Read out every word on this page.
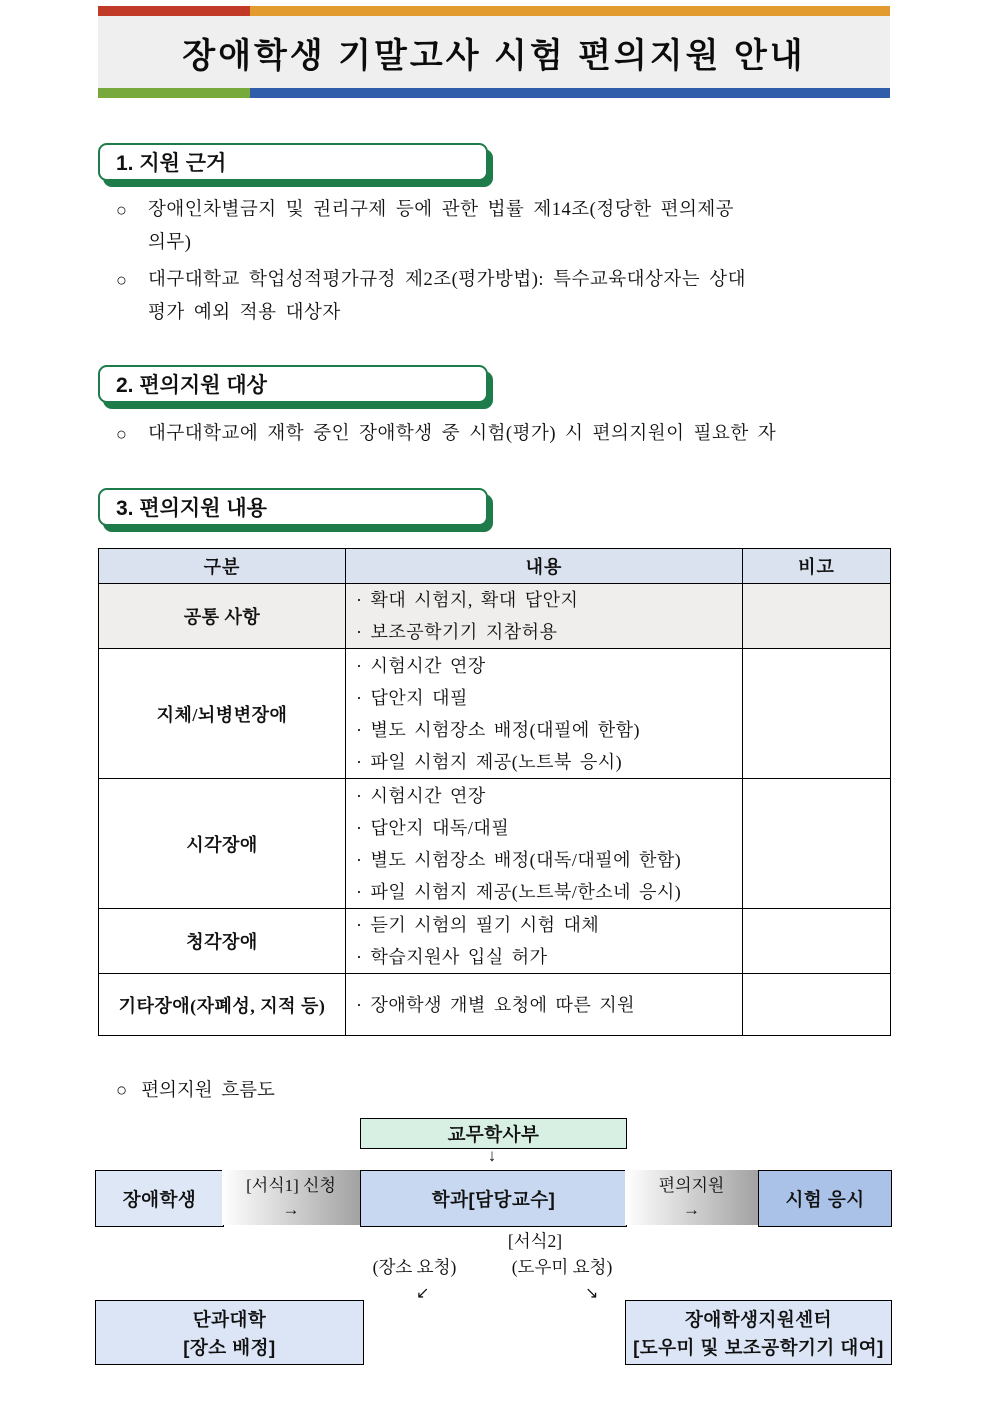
장애학생 기말고사 시험 편의지원 안내
1. 지원 근거
○	장애인차별금지 및 권리구제 등에 관한 법률 제14조(정당한 편의제공
의무)
○	대구대학교 학업성적평가규정 제2조(평가방법): 특수교육대상자는 상대
평가 예외 적용 대상자
2. 편의지원 대상
○	대구대학교에 재학 중인 장애학생 중 시험(평가) 시 편의지원이 필요한 자
3. 편의지원 내용
구분	내용	비고
공통 사항	· 확대 시험지, 확대 답안지
· 보조공학기기 지참허용	

지체/뇌병변장애	· 시험시간 연장
· 답안지 대필
· 별도 시험장소 배정(대필에 한함)
· 파일 시험지 제공(노트북 응시)	

시각장애	· 시험시간 연장
· 답안지 대독/대필
· 별도 시험장소 배정(대독/대필에 한함)
· 파일 시험지 제공(노트북/한소네 응시)	

청각장애	· 듣기 시험의 필기 시험 대체
· 학습지원사 입실 허가	

기타장애(자폐성, 지적 등)	· 장애학생 개별 요청에 따른 지원	

○ 편의지원 흐름도
교무학사부
↓
장애학생
[서식1] 신청
→	학과[담당교수]
편의지원
→	시험 응시
[서식2]
(장소 요청)	(도우미 요청)
↙	↘
단과대학
[장소 배정]
장애학생지원센터
[도우미 및 보조공학기기 대여]
